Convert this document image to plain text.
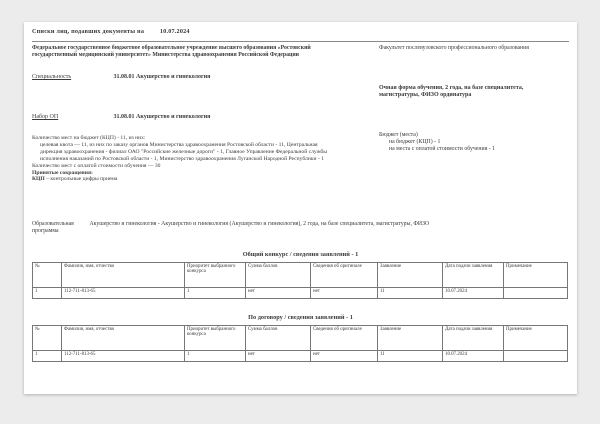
Списки лиц, подавших документы на	10.07.2024
Федеральное государственное бюджетное образовательное учреждение высшего образования «Ростовский государственный медицинский университет» Министерства здравоохранения Российской Федерации
Факультет послевузовского профессионального образования
Специальность	31.08.01 Акушерство и гинекология
Очная форма обучения, 2 года, на базе специалитета, магистратуры, ФИЗО ординатура
Набор ОП	31.08.01 Акушерство и гинекология
Количество мест на бюджет (КЦП) - 11, из них:
целевая квота — 11, из них по заказу органов Министерства здравоохранения Ростовской области - 11, Центральная дирекция здравоохранения - филиал ОАО "Российские железные дороги" - 1, Главное Управление Федеральной службы исполнения наказаний по Ростовской области - 1, Министерство здравоохранения Луганской Народной Республики - 1
Количество мест с оплатой стоимости обучения — 30
Принятые сокращения:
КЦП – контрольные цифры приема
Бюджет (места)
на бюджет (КЦП) - 1
на места с оплатой стоимости обучения - 1
Образовательная программа Акушерство и гинекология - Акушерство и гинекология (Акушерство и гинекология), 2 года, на базе специалитета, магистратуры, ФИЗО
Общий конкурс / сведения заявлений - 1
№	Фамилия, имя, отчество	Приоритет выбранного конкурса	Сумма баллов	Сведения об оригинале	Заявление	Дата подачи заявления	Примечание
1	112-711-813-65	1	нет	нет	11	10.07.2024	
По договору / сведения заявлений - 1
№	Фамилия, имя, отчество	Приоритет выбранного конкурса	Сумма баллов	Сведения об оригинале	Заявление	Дата подачи заявления	Примечание
1	112-711-813-65	1	нет	нет	11	10.07.2024	
